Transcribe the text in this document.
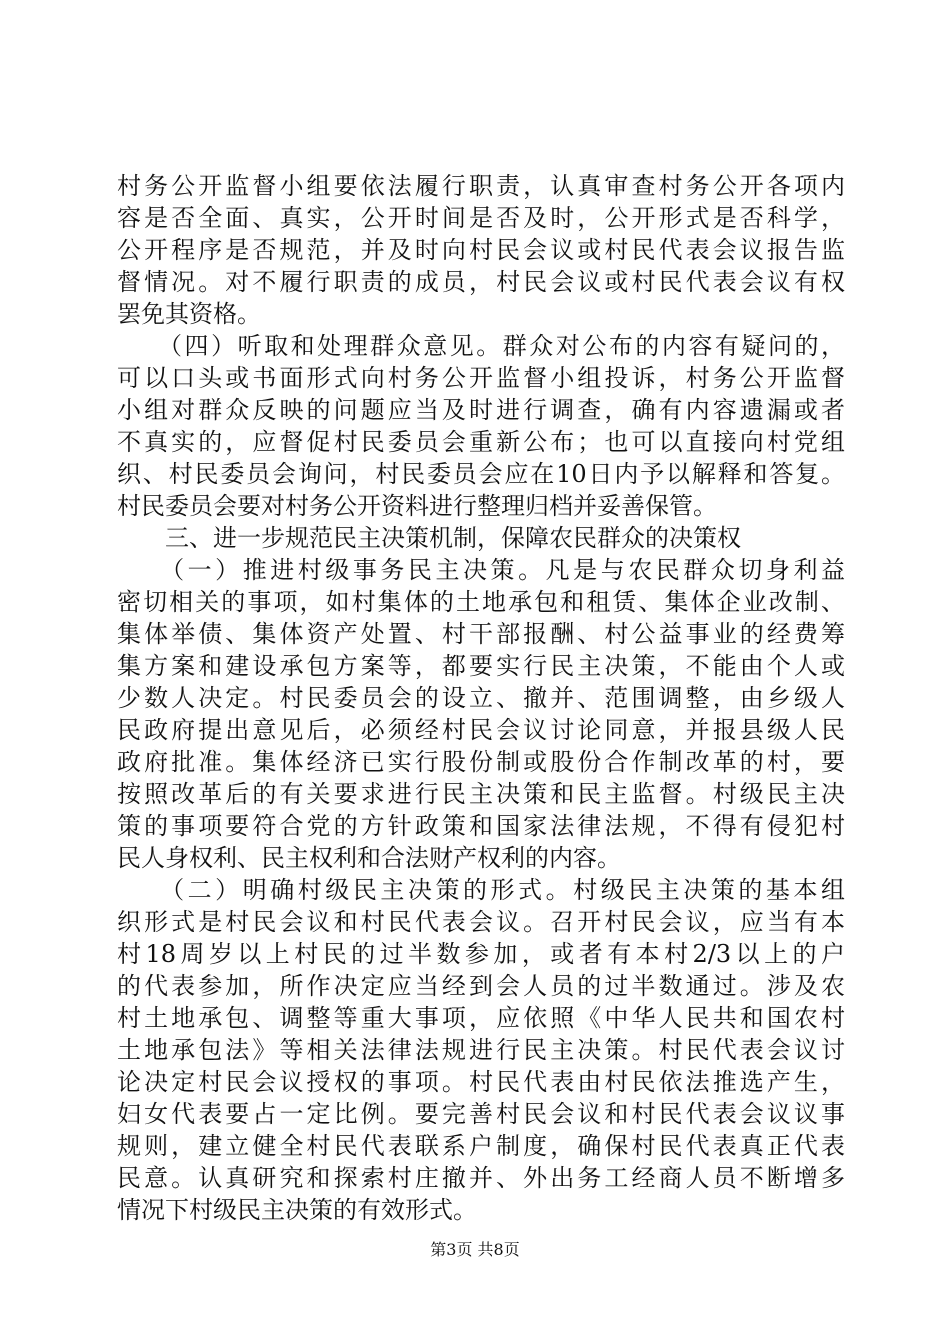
村务公开监督小组要依法履行职责，认真审查村务公开各项内
容是否全面、真实，公开时间是否及时，公开形式是否科学，
公开程序是否规范，并及时向村民会议或村民代表会议报告监
督情况。对不履行职责的成员，村民会议或村民代表会议有权
罢免其资格。
　　（四）听取和处理群众意见。群众对公布的内容有疑问的，
可以口头或书面形式向村务公开监督小组投诉，村务公开监督
小组对群众反映的问题应当及时进行调查，确有内容遗漏或者
不真实的，应督促村民委员会重新公布；也可以直接向村党组
织、村民委员会询问，村民委员会应在10日内予以解释和答复。
村民委员会要对村务公开资料进行整理归档并妥善保管。
　　三、进一步规范民主决策机制，保障农民群众的决策权
　　（一）推进村级事务民主决策。凡是与农民群众切身利益
密切相关的事项，如村集体的土地承包和租赁、集体企业改制、
集体举债、集体资产处置、村干部报酬、村公益事业的经费筹
集方案和建设承包方案等，都要实行民主决策，不能由个人或
少数人决定。村民委员会的设立、撤并、范围调整，由乡级人
民政府提出意见后，必须经村民会议讨论同意，并报县级人民
政府批准。集体经济已实行股份制或股份合作制改革的村，要
按照改革后的有关要求进行民主决策和民主监督。村级民主决
策的事项要符合党的方针政策和国家法律法规，不得有侵犯村
民人身权利、民主权利和合法财产权利的内容。
　　（二）明确村级民主决策的形式。村级民主决策的基本组
织形式是村民会议和村民代表会议。召开村民会议，应当有本
村18周岁以上村民的过半数参加，或者有本村2/3以上的户
的代表参加，所作决定应当经到会人员的过半数通过。涉及农
村土地承包、调整等重大事项，应依照《中华人民共和国农村
土地承包法》等相关法律法规进行民主决策。村民代表会议讨
论决定村民会议授权的事项。村民代表由村民依法推选产生，
妇女代表要占一定比例。要完善村民会议和村民代表会议议事
规则，建立健全村民代表联系户制度，确保村民代表真正代表
民意。认真研究和探索村庄撤并、外出务工经商人员不断增多
情况下村级民主决策的有效形式。
第3页 共8页
